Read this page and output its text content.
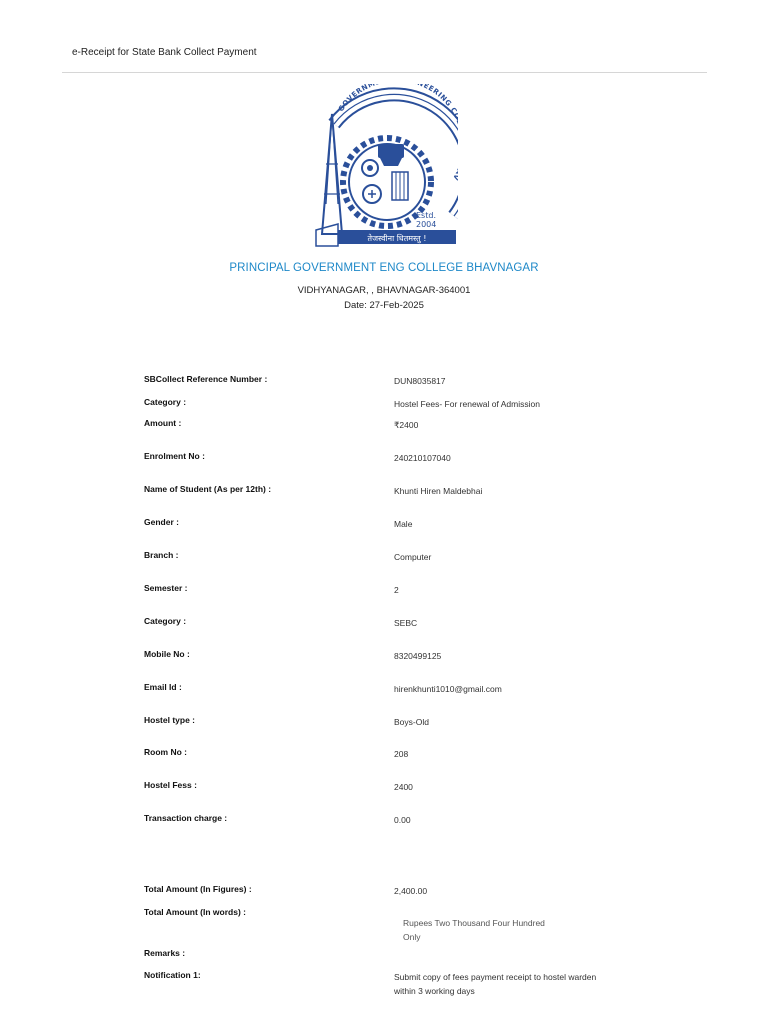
e-Receipt for State Bank Collect Payment
GOVERNM EERING C
Estd.
2004
तेजस्वीना धितमस्तु !
PRINCIPAL GOVERNMENT ENG COLLEGE BHAVNAGAR
VIDHYANAGAR, , BHAVNAGAR-364001
Date: 27-Feb-2025
SBCollect Reference Number :	DUN8035817
Category :	Hostel Fees- For renewal of Admission
Amount :	₹2400
Enrolment No :	240210107040
Name of Student (As per 12th) :	Khunti Hiren Maldebhai
Gender :	Male
Branch :	Computer
Semester :	2
Category :	SEBC
Mobile No :	8320499125
Email Id :	hirenkhunti1010@gmail.com
Hostel type :	Boys-Old
Room No :	208
Hostel Fess :	2400
Transaction charge :	0.00
Total Amount (In Figures) :	2,400.00
Total Amount (In words) :
Rupees Two Thousand Four Hundred Only
Remarks :
Notification 1:	Submit copy of fees payment receipt to hostel warden within 3 working days
